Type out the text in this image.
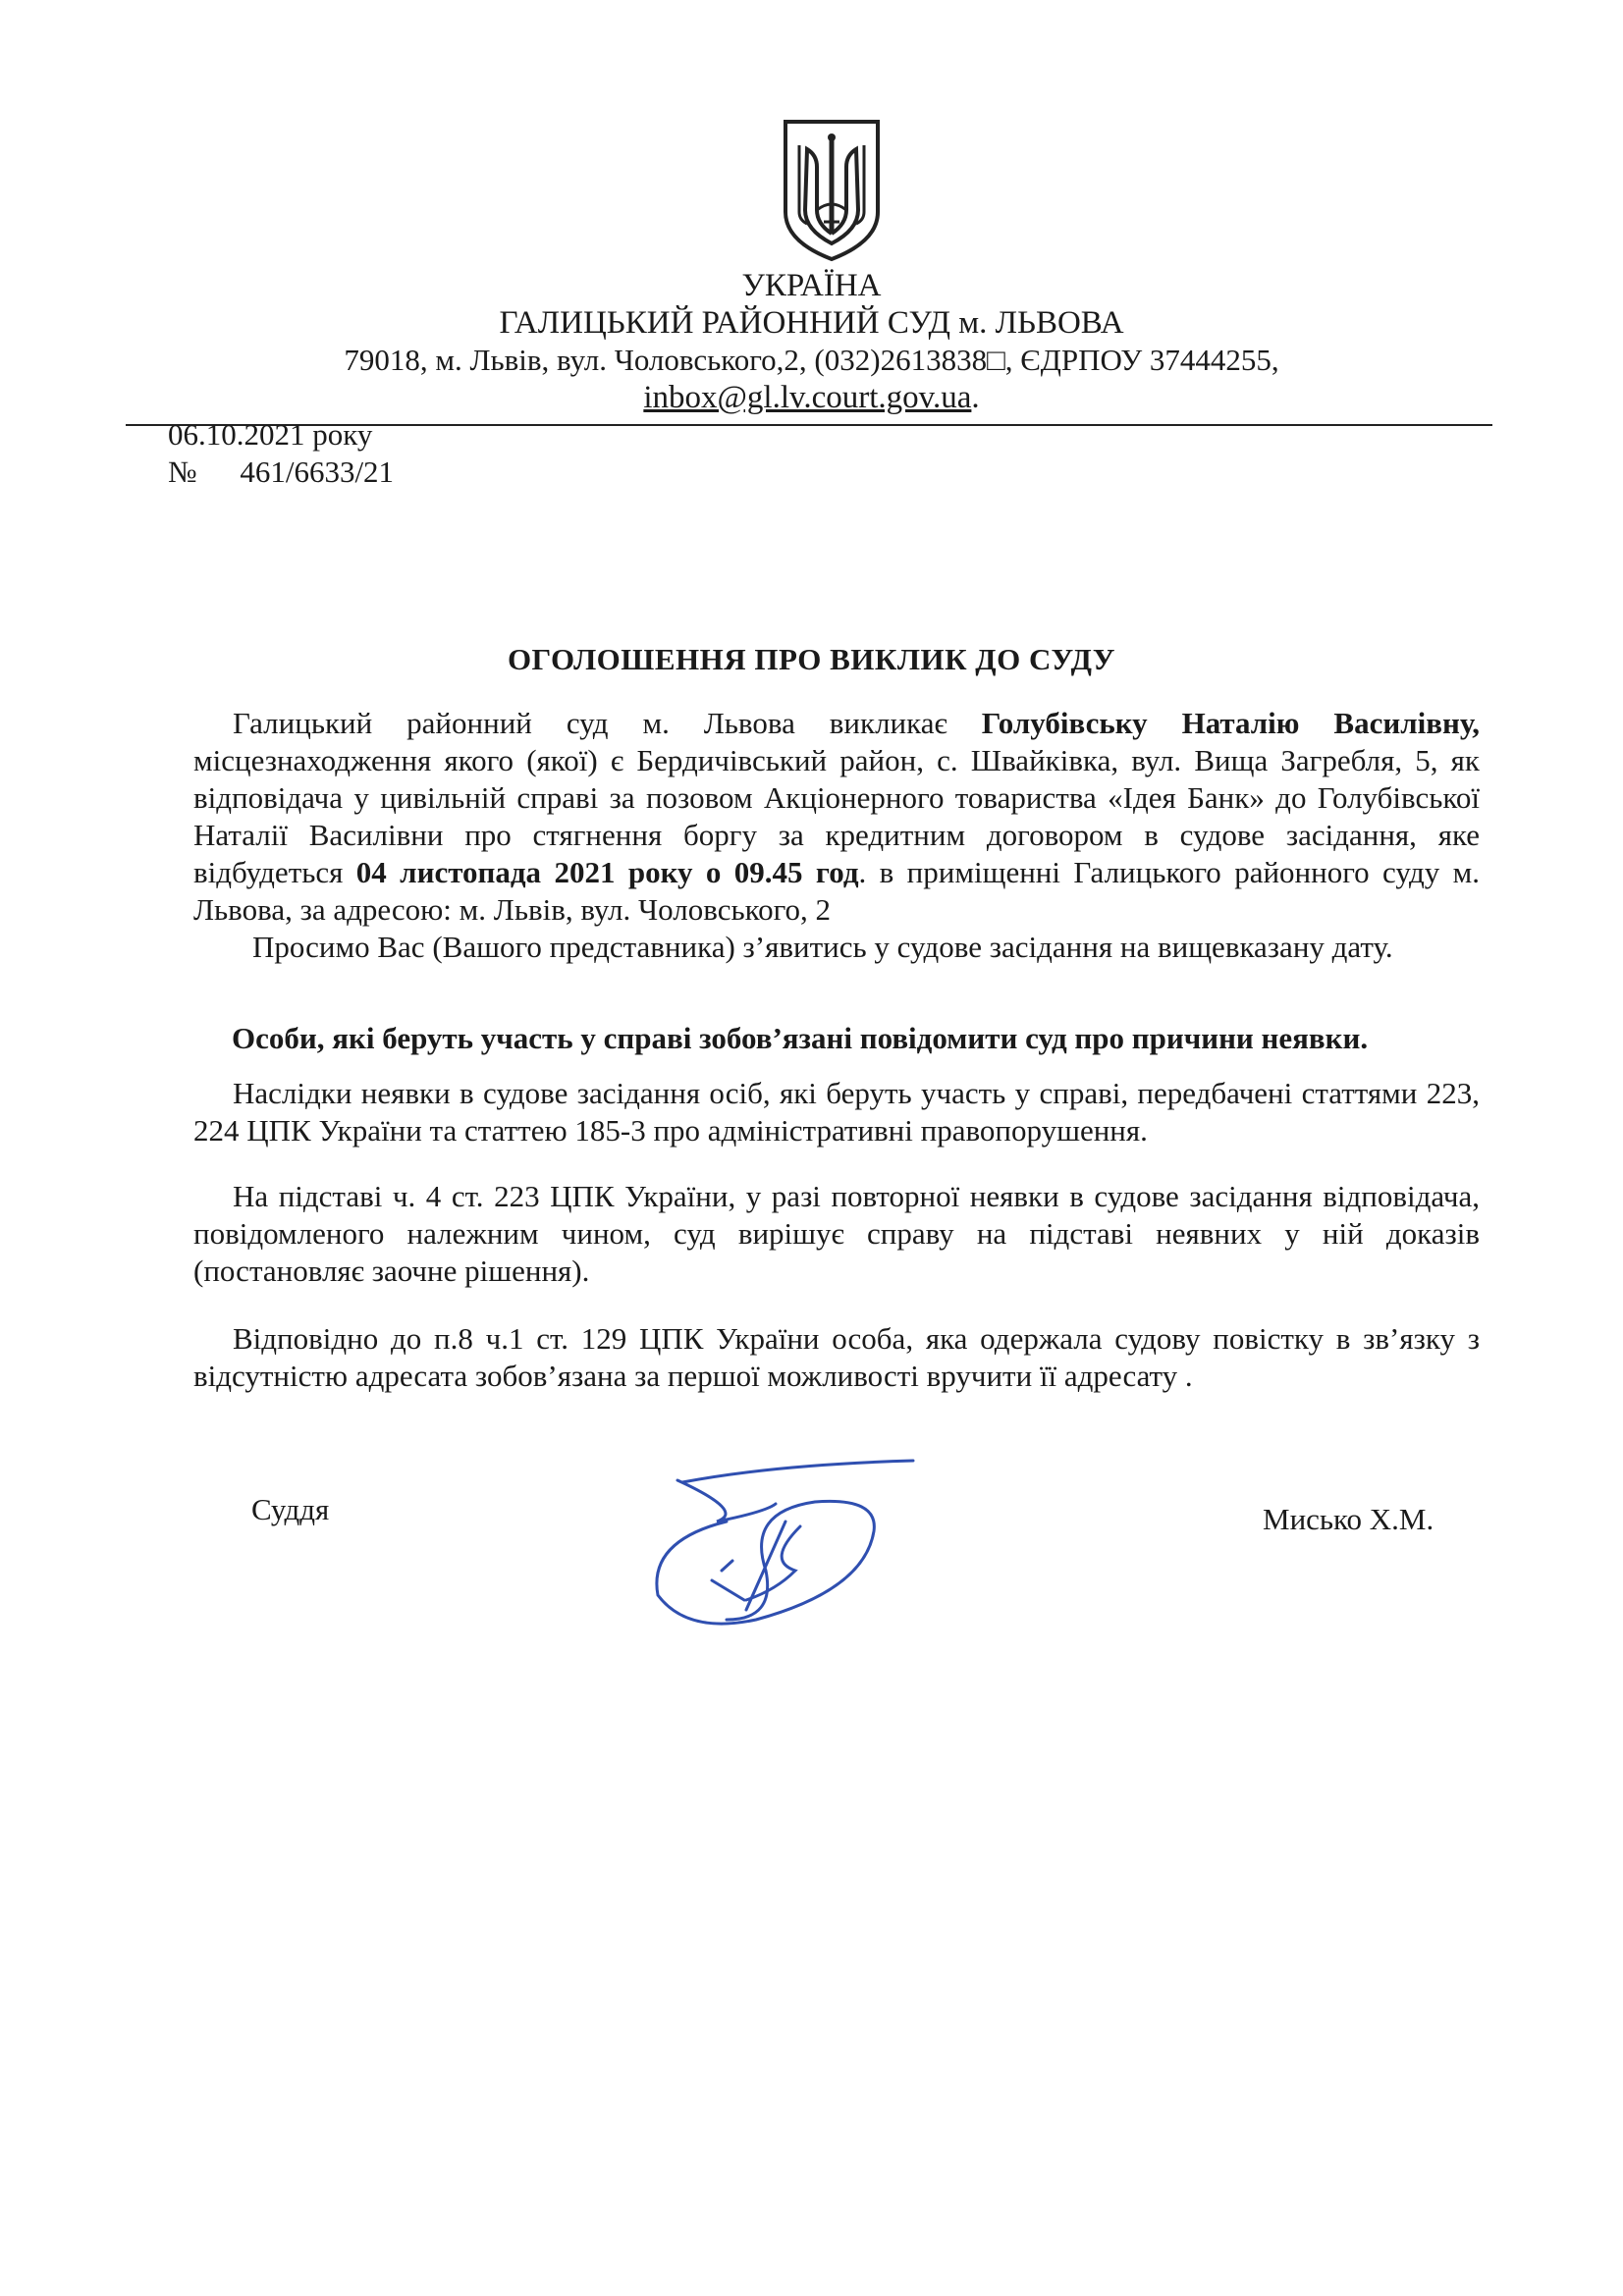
УКРАЇНА
ГАЛИЦЬКИЙ РАЙОННИЙ СУД м. ЛЬВОВА
79018, м. Львів, вул. Чоловського,2, (032)2613838□, ЄДРПОУ 37444255,
inbox@gl.lv.court.gov.ua.
06.10.2021 року
№ 461/6633/21
ОГОЛОШЕННЯ ПРО ВИКЛИК ДО СУДУ
Галицький районний суд м. Львова викликає Голубівську Наталію Василівну, місцезнаходження якого (якої) є Бердичівський район, с. Швайківка, вул. Вища Загребля, 5, як відповідача у цивільній справі за позовом Акціонерного товариства «Ідея Банк» до Голубівської Наталії Василівни про стягнення боргу за кредитним договором в судове засідання, яке відбудеться 04 листопада 2021 року о 09.45 год. в приміщенні Галицького районного суду м. Львова, за адресою: м. Львів, вул. Чоловського, 2
Просимо Вас (Вашого представника) з’явитись у судове засідання на вищевказану дату.
Особи, які беруть участь у справі зобов’язані повідомити суд про причини неявки.
Наслідки неявки в судове засідання осіб, які беруть участь у справі, передбачені статтями 223, 224 ЦПК України та статтею 185-3 про адміністративні правопорушення.
На підставі ч. 4 ст. 223 ЦПК України, у разі повторної неявки в судове засідання відповідача, повідомленого належним чином, суд вирішує справу на підставі неявних у ній доказів (постановляє заочне рішення).
Відповідно до п.8 ч.1 ст. 129 ЦПК України особа, яка одержала судову повістку в зв’язку з відсутністю адресата зобов’язана за першої можливості вручити її адресату .
Суддя	Мисько Х.М.
